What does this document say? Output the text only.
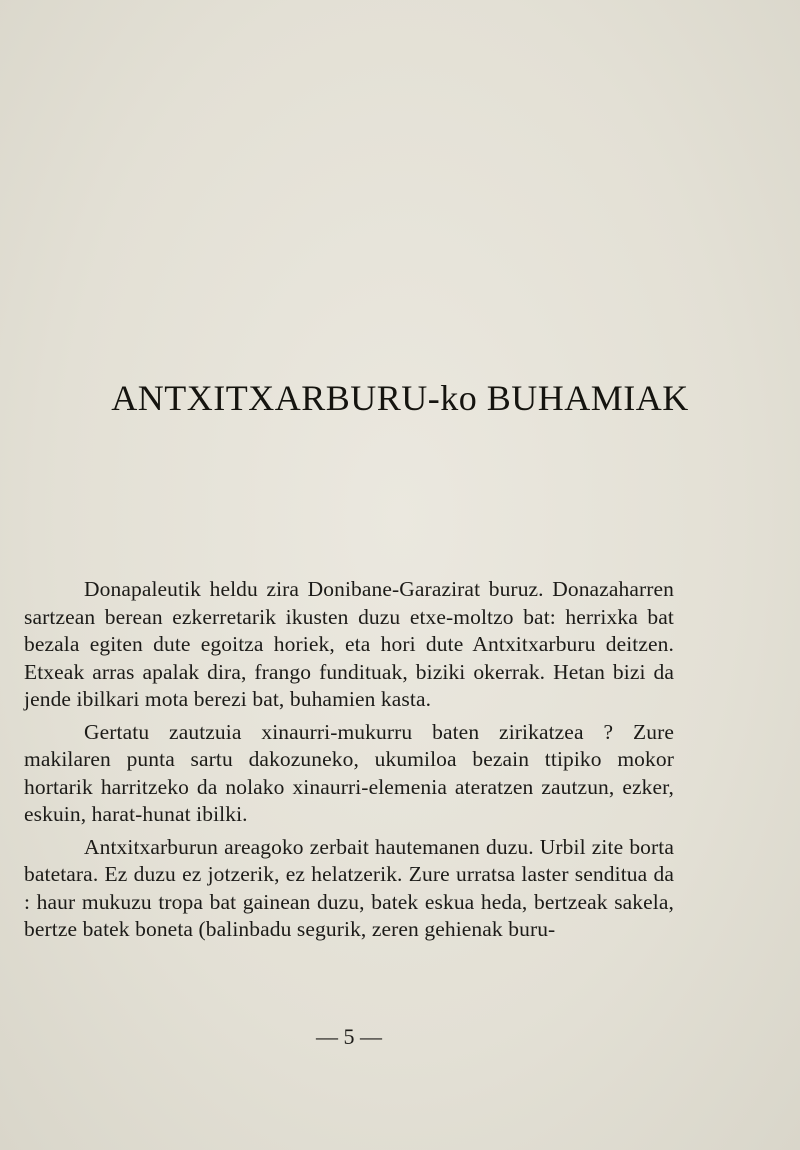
ANTXITXARBURU-ko BUHAMIAK

Donapaleutik heldu zira Donibane-Garazirat buruz. Donazaharren sartzean berean ezkerretarik ikusten duzu etxe-moltzo bat: herrixka bat bezala egiten dute egoitza horiek, eta hori dute Antxitxarburu deitzen. Etxeak arras apalak dira, frango fundituak, biziki okerrak. Hetan bizi da jende ibilkari mota berezi bat, buhamien kasta.

Gertatu zautzuia xinaurri-mukurru baten zirikatzea ? Zure makilaren punta sartu dakozuneko, ukumiloa bezain ttipiko mokor hortarik harritzeko da nolako xinaurri-elemenia ateratzen zautzun, ezker, eskuin, harat-hunat ibilki.

Antxitxarburun areagoko zerbait hautemanen duzu. Urbil zite borta batetara. Ez duzu ez jotzerik, ez helatzerik. Zure urratsa laster sendituа da : haur mukuzu tropa bat gainean duzu, batek eskua heda, bertzeak sakela, bertze batek boneta (balinbadu segurik, zeren gehienak buru-

— 5 —
